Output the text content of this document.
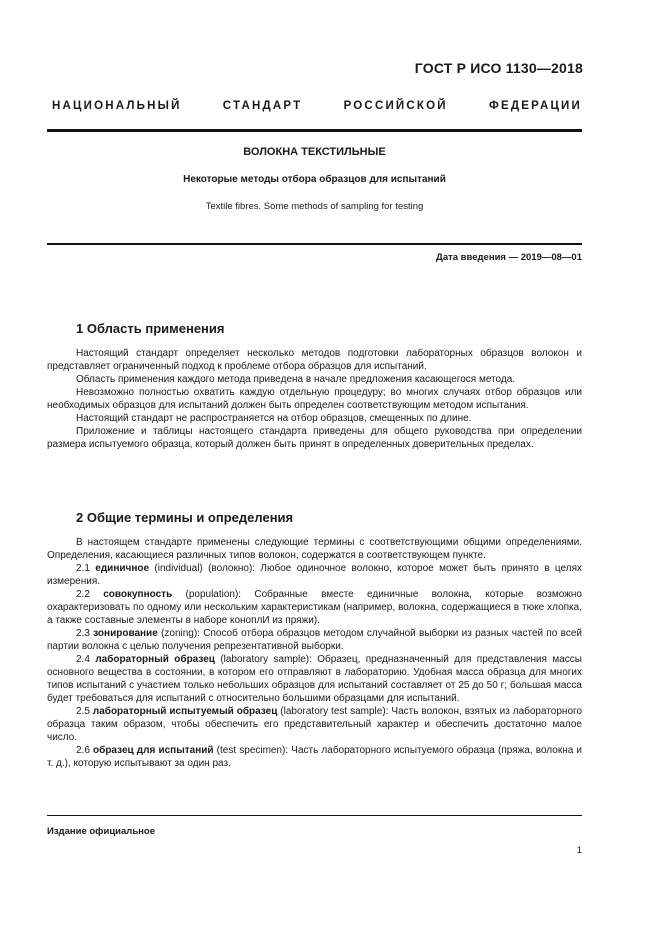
ГОСТ Р ИСО 1130—2018
НАЦИОНАЛЬНЫЙ СТАНДАРТ РОССИЙСКОЙ ФЕДЕРАЦИИ
ВОЛОКНА ТЕКСТИЛЬНЫЕ
Некоторые методы отбора образцов для испытаний
Textile fibres. Some methods of sampling for testing
Дата введения — 2019—08—01
1 Область применения

Настоящий стандарт определяет несколько методов подготовки лабораторных образцов волокон и представляет ограниченный подход к проблеме отбора образцов для испытаний.

Область применения каждого метода приведена в начале предложения касающегося метода.

Невозможно полностью охватить каждую отдельную процедуру; во многих случаях отбор образцов или необходимых образцов для испытаний должен быть определен соответствующим методом испытания.

Настоящий стандарт не распространяется на отбор образцов, смещенных по длине.

Приложение и таблицы настоящего стандарта приведены для общего руководства при определении размера испытуемого образца, который должен быть принят в определенных доверительных пределах.

2 Общие термины и определения

В настоящем стандарте применены следующие термины с соответствующими общими определениями. Определения, касающиеся различных типов волокон, содержатся в соответствующем пункте.

2.1 единичное (individual) (волокно): Любое одиночное волокно, которое может быть принято в целях измерения.

2.2 совокупность (population): Собранные вместе единичные волокна, которые возможно охарактеризовать по одному или нескольким характеристикам (например, волокна, содержащиеся в тюке хлопка, а также составные элементы в наборе коноплИ из пряжи).

2.3 зонирование (zoning): Способ отбора образцов методом случайной выборки из разных частей по всей партии волокна с целью получения репрезентативной выборки.

2.4 лабораторный образец (laboratory sample): Образец, предназначенный для представления массы основного вещества в состоянии, в котором его отправляют в лабораторию. Удобная масса образца для многих типов испытаний с участием только небольших образцов для испытаний составляет от 25 до 50 г; большая масса будет требоваться для испытаний с относительно большими образцами для испытаний.

2.5 лабораторный испытуемый образец (laboratory test sample): Часть волокон, взятых из лабораторного образца таким образом, чтобы обеспечить его представительный характер и обеспечить достаточно малое число.

2.6 образец для испытаний (test specimen): Часть лабораторного испытуемого образца (пряжа, волокна и т. д.), которую испытывают за один раз.

Издание официальное
1
